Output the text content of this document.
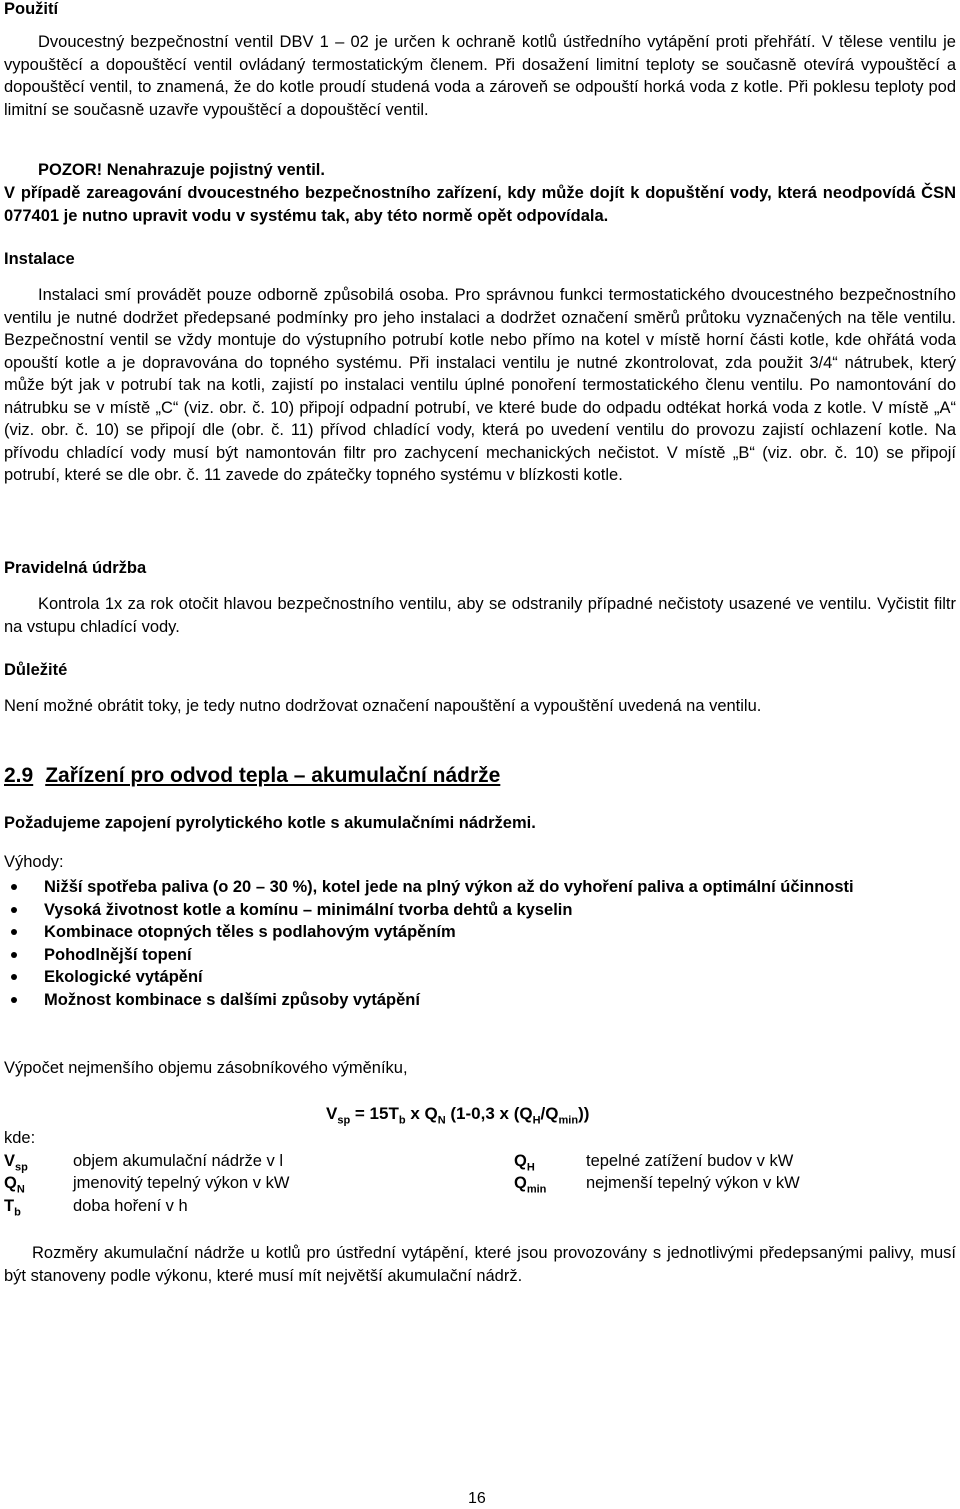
Použití

Dvoucestný bezpečnostní ventil DBV 1 – 02 je určen k ochraně kotlů ústředního vytápění proti přehřátí. V tělese ventilu je vypouštěcí a dopouštěcí ventil ovládaný termostatickým členem. Při dosažení limitní teploty se současně otevírá vypouštěcí a dopouštěcí ventil, to znamená, že do kotle proudí studená voda a zároveň se odpouští horká voda z kotle. Při poklesu teploty pod limitní se současně uzavře vypouštěcí a dopouštěcí ventil.

POZOR! Nenahrazuje pojistný ventil.

V případě zareagování dvoucestného bezpečnostního zařízení, kdy může dojít k dopuštění vody, která neodpovídá ČSN 077401 je nutno upravit vodu v systému tak, aby této normě opět odpovídala.

Instalace

Instalaci smí provádět pouze odborně způsobilá osoba. Pro správnou funkci termostatického dvoucestného bezpečnostního ventilu je nutné dodržet předepsané podmínky pro jeho instalaci a dodržet označení směrů průtoku vyznačených na těle ventilu. Bezpečnostní ventil se vždy montuje do výstupního potrubí kotle nebo přímo na kotel v místě horní části kotle, kde ohřátá voda opouští kotle a je dopravována do topného systému. Při instalaci ventilu je nutné zkontrolovat, zda použit 3/4“ nátrubek, který může být jak v potrubí tak na kotli, zajistí po instalaci ventilu úplné ponoření termostatického členu ventilu. Po namontování do nátrubku se v místě „C“ (viz. obr. č. 10) připojí odpadní potrubí, ve které bude do odpadu odtékat horká voda z kotle. V místě „A“ (viz. obr. č. 10) se připojí dle (obr. č. 11) přívod chladící vody, která po uvedení ventilu do provozu zajistí ochlazení kotle. Na přívodu chladící vody musí být namontován filtr pro zachycení mechanických nečistot. V místě „B“ (viz. obr. č. 10) se připojí potrubí, které se dle obr. č. 11 zavede do zpátečky topného systému v blízkosti kotle.

Pravidelná údržba

Kontrola 1x za rok otočit hlavou bezpečnostního ventilu, aby se odstranily případné nečistoty usazené ve ventilu. Vyčistit filtr na vstupu chladící vody.

Důležité

Není možné obrátit toky, je tedy nutno dodržovat označení napouštění a vypouštění uvedená na ventilu.

2.9 Zařízení pro odvod tepla – akumulační nádrže
Požadujeme zapojení pyrolytického kotle s akumulačními nádržemi.
Výhody:
Nižší spotřeba paliva (o 20 – 30 %), kotel jede na plný výkon až do vyhoření paliva a optimální účinnosti
Vysoká životnost kotle a komínu – minimální tvorba dehtů a kyselin
Kombinace otopných těles s podlahovým vytápěním
Pohodlnější topení
Ekologické vytápění
Možnost kombinace s dalšími způsoby vytápění
Výpočet nejmenšího objemu zásobníkového výměníku,
$V_{sp} = 15T_b$ x $Q_N$ (1-0,3 x $(Q_H/Q_{min})$)
kde:
$V_{sp}$	objem akumulační nádrže v l	$Q_H$	tepelné zatížení budov v kW
$Q_N$	jmenovitý tepelný výkon v kW	$Q_{min}$ nejmenší tepelný výkon v kW
$T_b$	doba hoření v h

Rozměry akumulační nádrže u kotlů pro ústřední vytápění, které jsou provozovány s jednotlivými předepsanými palivy, musí být stanoveny podle výkonu, které musí mít největší akumulační nádrž.

16
